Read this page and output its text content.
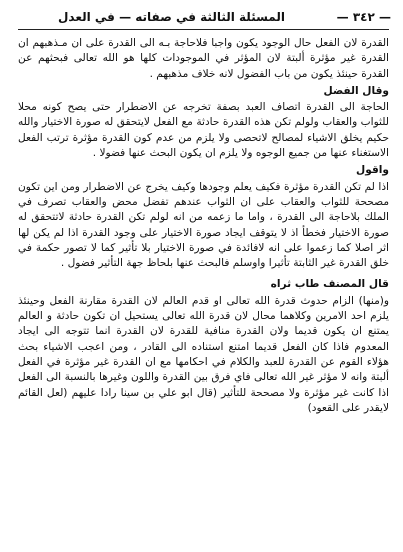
— ٣٤٢ —
المسئلة الثالثة في صفاته — في العدل

القدرة لان الفعل حال الوجود يكون واجبا فلاحاجة بـه الى القدرة على ان مـذهبهم ان القدرة غير مؤثرة ألبتة لان المؤثر في الموجودات كلها هو الله تعالى فبحثهم عن القدرة حينئذ يكون من باب الفضول لانه خلاف مذهبهم .

وقال الفضل

الحاجة الى القدرة اتصاف العبد بصفة تخرجه عن الاضطرار حتى يصح كونه محلا للثواب والعقاب ولولم تكن هذه القدرة حادثة مع الفعل لايتحقق له صورة الاختيار والله حكيم يخلق الاشياء لمصالح لاتحصى ولا يلزم من عدم كون القدرة مؤثرة ترتب الفعل الاستغناء عنها من جميع الوجوه ولا يلزم ان يكون البحث عنها فضولا .

واقول

اذا لم تكن القدرة مؤثرة فكيف يعلم وجودها وكيف يخرج عن الاضطرار ومن اين تكون مصححة للثواب والعقاب على ان الثواب عندهم تفضل محض والعقاب تصرف في الملك بلاحاجة الى القدرة ، واما ما زعمه من انه لولم تكن القدرة حادثة لاتتحقق له صورة الاختيار فخطأ اذ لا يتوقف ايجاد صورة الاختيار على وجود القدرة اذا لم يكن لها اثر اصلا كما زعموا على انه لافائدة في صورة الاختيار بلا تأثير كما لا تصور حكمة في خلق القدرة غير الثابتة تأثيرا واوسلم فالبحث عنها بلحاظ جهة التأثير فضول .

قال المصنف طاب ثراه

و(منها) الزام حدوث قدرة الله تعالى او قدم العالم لان القدرة مقارنة الفعل وحينئذ يلزم احد الامرين وكلاهما محال لان قدرة الله تعالى يستحيل ان تكون حادثة و العالم يمتنع ان يكون قديما ولان القدرة منافية للقدرة لان القدرة انما تتوجه الى ايجاد المعدوم فاذا كان الفعل قديما امتنع استناده الى القادر ، ومن اعجب الاشياء بحث هؤلاء القوم عن القدرة للعبد والكلام في احكامها مع ان القدرة غير مؤثرة في الفعل ألبتة وانه لا مؤثر غير الله تعالى فاي فرق بين القدرة واللون وغيرها بالنسبة الى الفعل اذا كانت غير مؤثرة ولا مصححة للتأثير (قال ابو علي بن سينا رادا عليهم (لعل القائم لايقدر على القعود)
